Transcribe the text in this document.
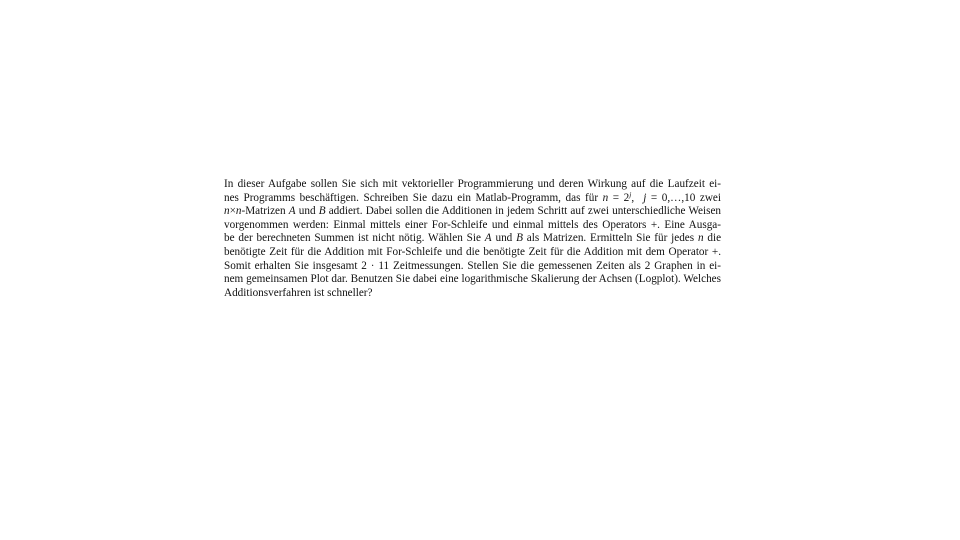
In dieser Aufgabe sollen Sie sich mit vektorieller Programmierung und deren Wirkung auf die Laufzeit ei-
nes Programms beschäftigen. Schreiben Sie dazu ein Matlab-Programm, das für $n = 2^j$, j = 0,…,10 zwei
n×n-Matrizen A und B addiert. Dabei sollen die Additionen in jedem Schritt auf zwei unterschiedliche Weisen
vorgenommen werden: Einmal mittels einer For-Schleife und einmal mittels des Operators +. Eine Ausga-
be der berechneten Summen ist nicht nötig. Wählen Sie A und B als Matrizen. Ermitteln Sie für jedes n die
benötigte Zeit für die Addition mit For-Schleife und die benötigte Zeit für die Addition mit dem Operator +.
Somit erhalten Sie insgesamt 2 · 11 Zeitmessungen. Stellen Sie die gemessenen Zeiten als 2 Graphen in ei-
nem gemeinsamen Plot dar. Benutzen Sie dabei eine logarithmische Skalierung der Achsen (Logplot). Welches
Additionsverfahren ist schneller?
